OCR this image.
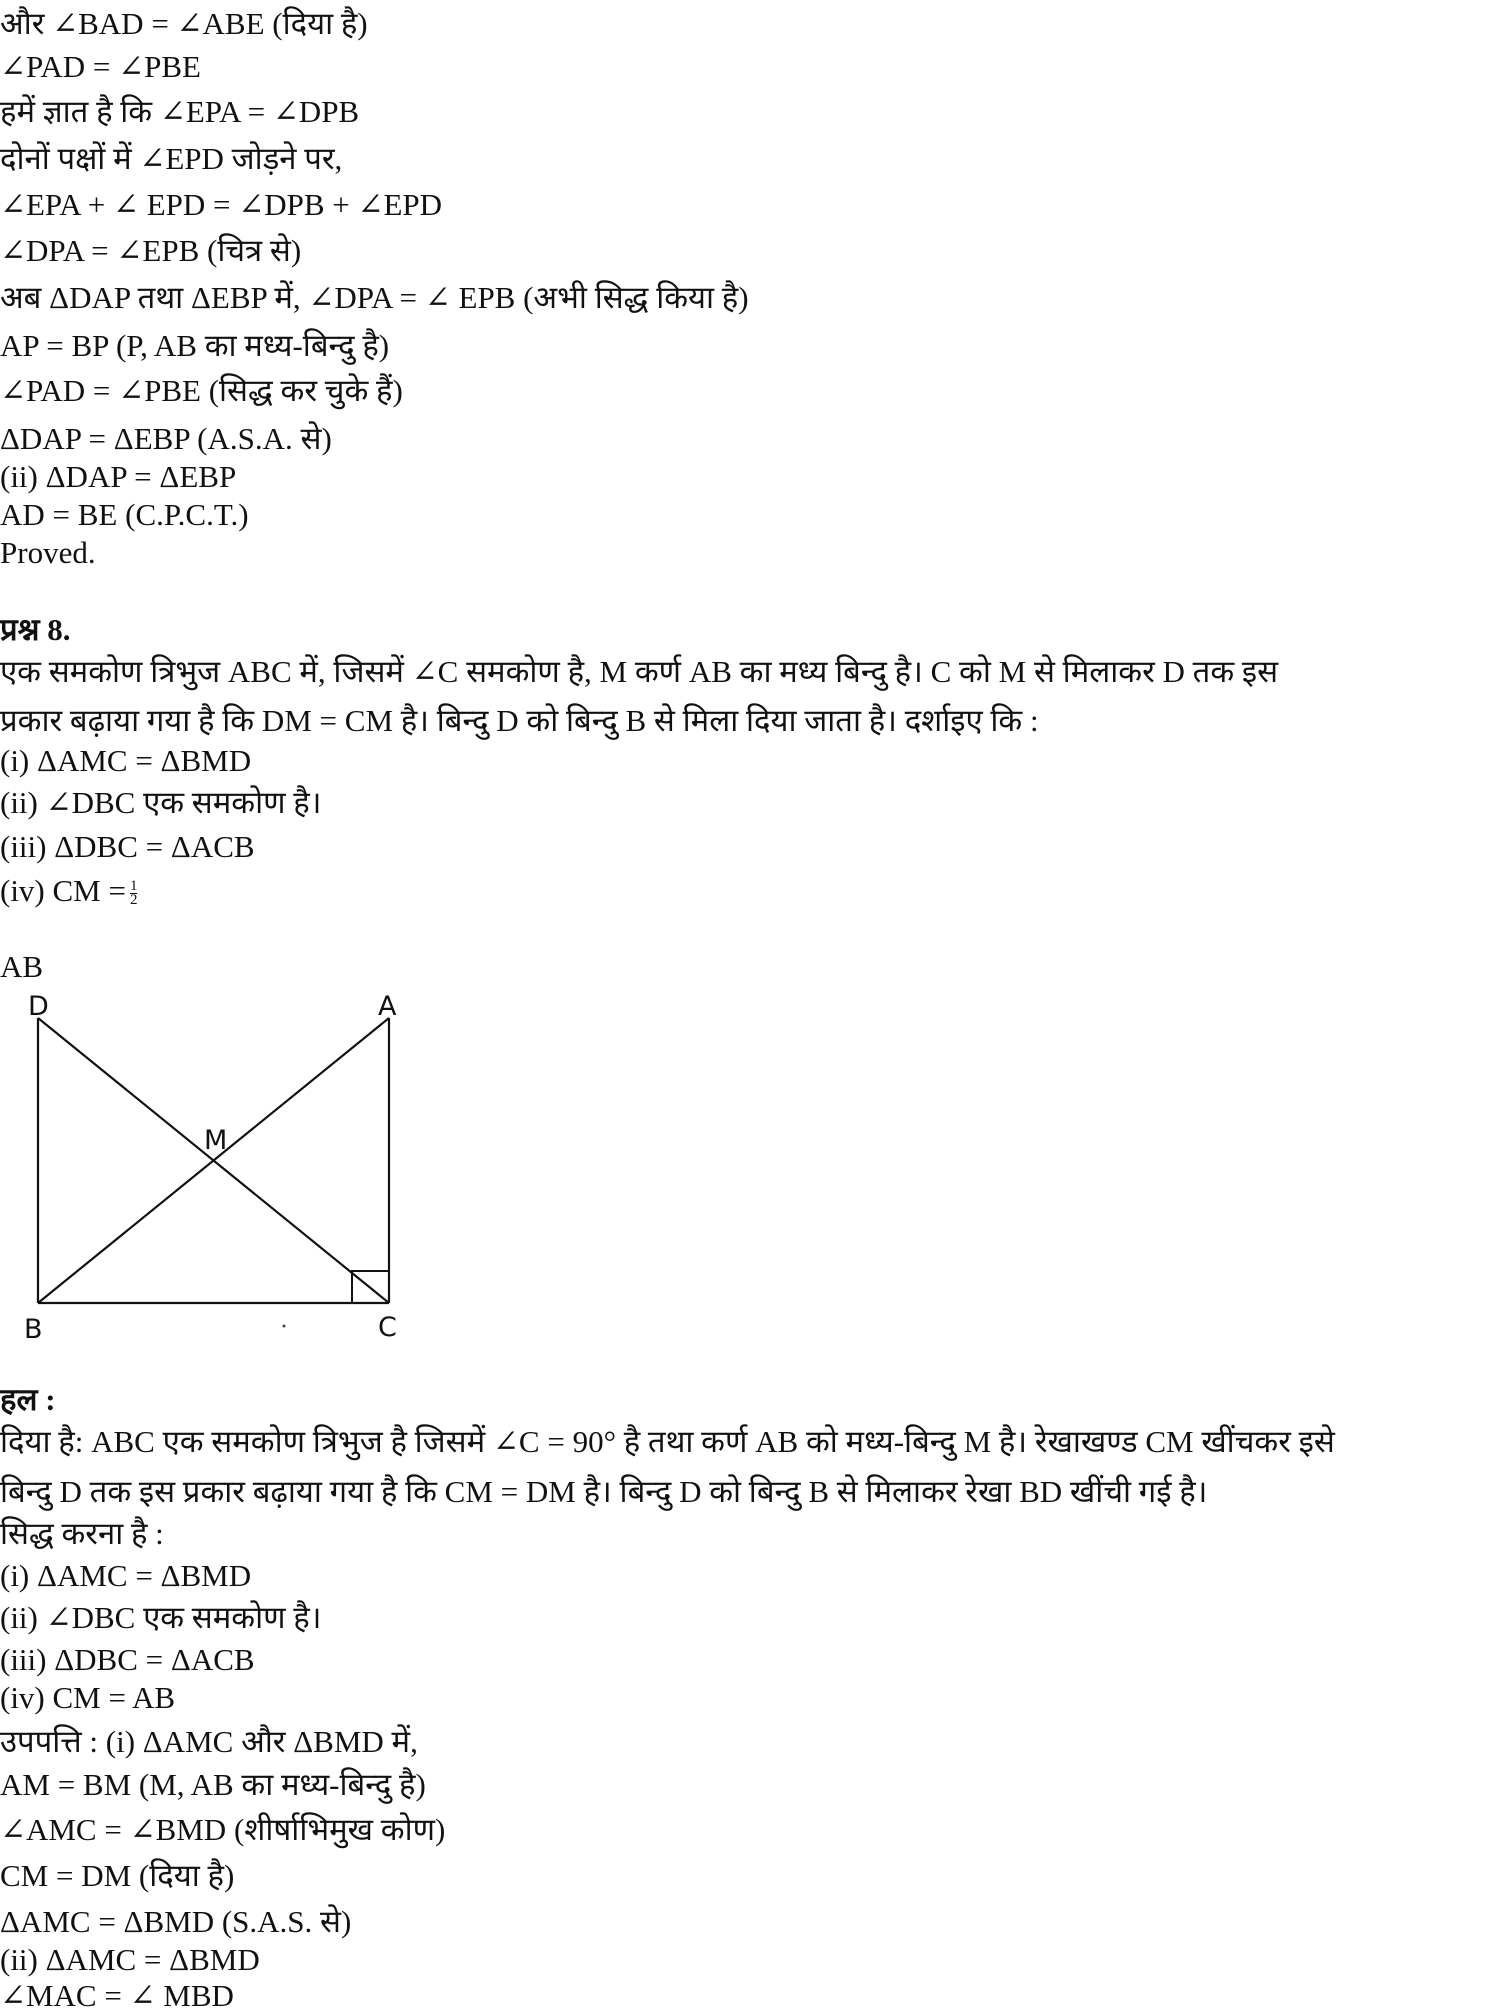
और ∠BAD = ∠ABE (दिया है)
∠PAD = ∠PBE
हमें ज्ञात है कि ∠EPA = ∠DPB
दोनों पक्षों में ∠EPD जोड़ने पर,
∠EPA + ∠ EPD = ∠DPB + ∠EPD
∠DPA = ∠EPB (चित्र से)
अब ΔDAP तथा ΔEBP में, ∠DPA = ∠ EPB (अभी सिद्ध किया है)
AP = BP (P, AB का मध्य-बिन्दु है)
∠PAD = ∠PBE (सिद्ध कर चुके हैं)
ΔDAP = ΔEBP (A.S.A. से)
(ii) ΔDAP = ΔEBP
AD = BE (C.P.C.T.)
Proved.
प्रश्न 8.
एक समकोण त्रिभुज ABC में, जिसमें ∠C समकोण है, M कर्ण AB का मध्य बिन्दु है। C को M से मिलाकर D तक इस
प्रकार बढ़ाया गया है कि DM = CM है। बिन्दु D को बिन्दु B से मिला दिया जाता है। दर्शाइए कि :
(i) ΔAMC = ΔBMD
(ii) ∠DBC एक समकोण है।
(iii) ΔDBC = ΔACB
(iv) CM = $\frac{1}{2}$
AB
D	A
M
B	C
हल :
दिया है: ABC एक समकोण त्रिभुज है जिसमें ∠C = 90° है तथा कर्ण AB को मध्य-बिन्दु M है। रेखाखण्ड CM खींचकर इसे
बिन्दु D तक इस प्रकार बढ़ाया गया है कि CM = DM है। बिन्दु D को बिन्दु B से मिलाकर रेखा BD खींची गई है।
सिद्ध करना है :
(i) ΔAMC = ΔBMD
(ii) ∠DBC एक समकोण है।
(iii) ΔDBC = ΔACB
(iv) CM = AB
उपपत्ति : (i) ΔAMC और ΔBMD में,
AM = BM (M, AB का मध्य-बिन्दु है)
∠AMC = ∠BMD (शीर्षाभिमुख कोण)
CM = DM (दिया है)
ΔAMC = ΔBMD (S.A.S. से)
(ii) ΔAMC = ΔBMD
∠MAC = ∠ MBD
